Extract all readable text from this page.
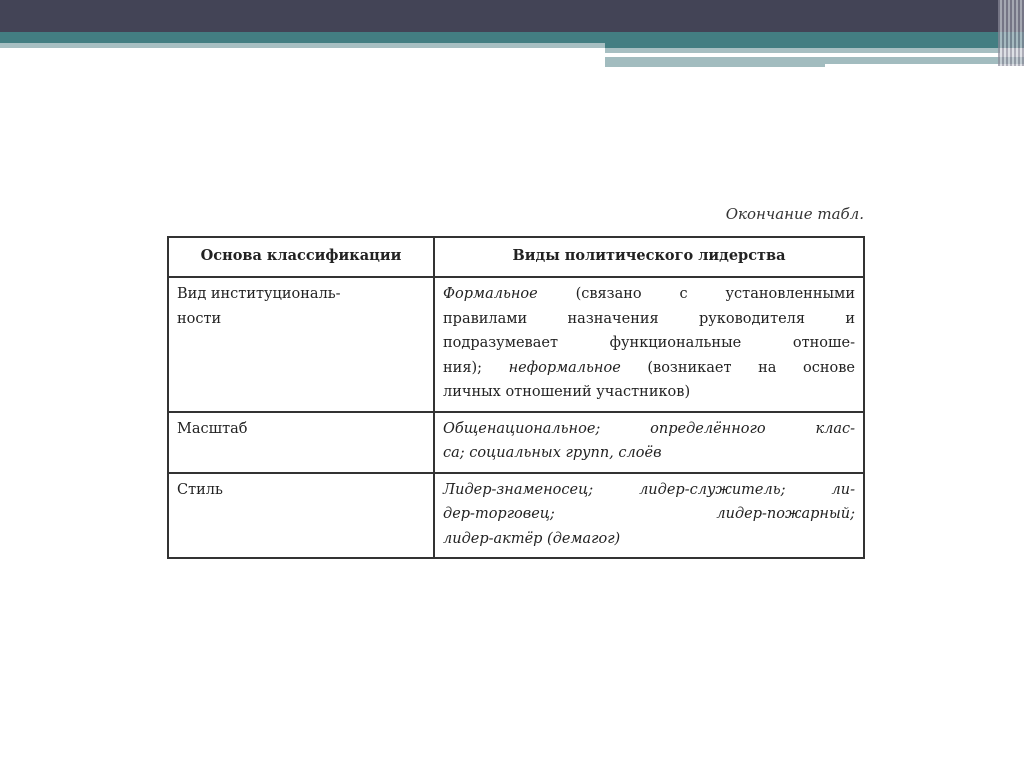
Окончание табл.
Основа классификации	Виды политического лидерства

Вид институциональ-
ности	Формальное (связано с установленными
правилами назначения руководителя и
подразумевает функциональные отноше-
ния); неформальное (возникает на основе
личных отношений участников)

Масштаб	Общенациональное; определённого клас-
са; социальных групп, слоёв

Стиль	Лидер-знаменосец; лидер-служитель; ли-
дер-торговец; лидер-пожарный;
лидер-актёр (демагог)
